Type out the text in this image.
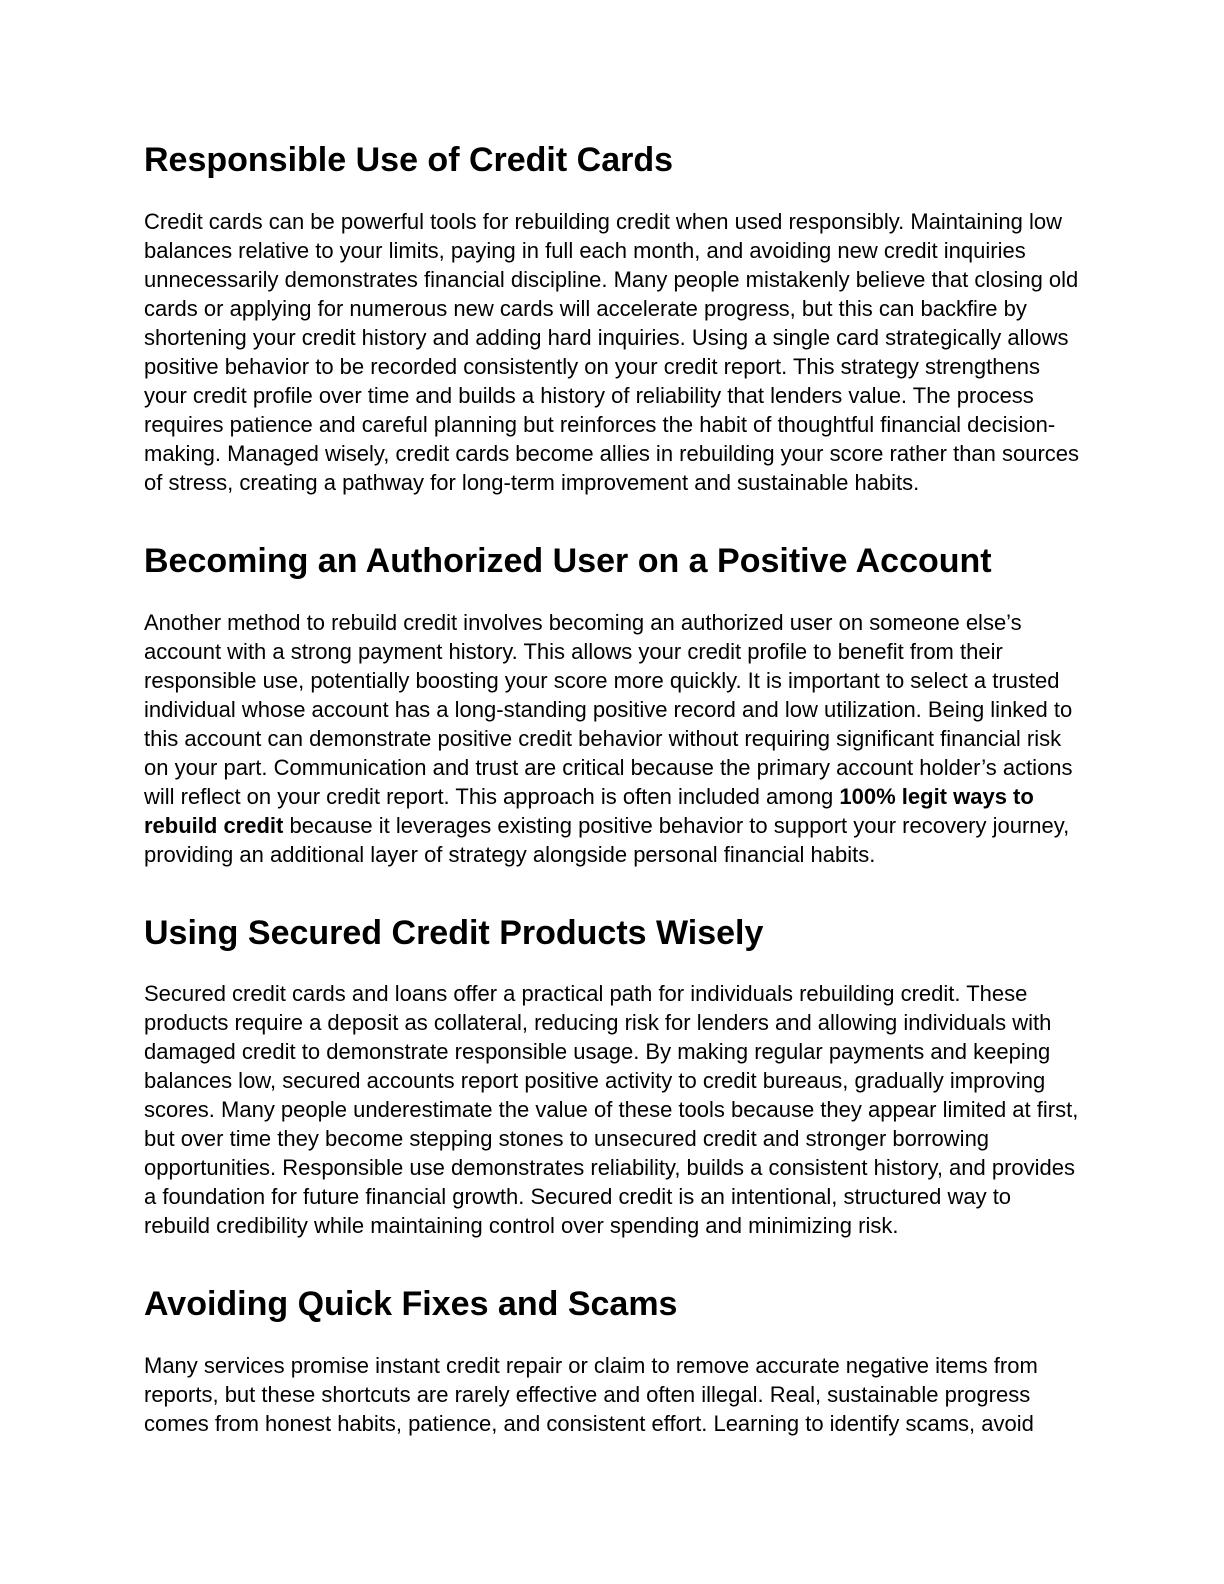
Responsible Use of Credit Cards

Credit cards can be powerful tools for rebuilding credit when used responsibly. Maintaining low balances relative to your limits, paying in full each month, and avoiding new credit inquiries unnecessarily demonstrates financial discipline. Many people mistakenly believe that closing old cards or applying for numerous new cards will accelerate progress, but this can backfire by shortening your credit history and adding hard inquiries. Using a single card strategically allows positive behavior to be recorded consistently on your credit report. This strategy strengthens your credit profile over time and builds a history of reliability that lenders value. The process requires patience and careful planning but reinforces the habit of thoughtful financial decision-making. Managed wisely, credit cards become allies in rebuilding your score rather than sources of stress, creating a pathway for long-term improvement and sustainable habits.

Becoming an Authorized User on a Positive Account

Another method to rebuild credit involves becoming an authorized user on someone else’s account with a strong payment history. This allows your credit profile to benefit from their responsible use, potentially boosting your score more quickly. It is important to select a trusted individual whose account has a long-standing positive record and low utilization. Being linked to this account can demonstrate positive credit behavior without requiring significant financial risk on your part. Communication and trust are critical because the primary account holder’s actions will reflect on your credit report. This approach is often included among 100% legit ways to rebuild credit because it leverages existing positive behavior to support your recovery journey, providing an additional layer of strategy alongside personal financial habits.

Using Secured Credit Products Wisely

Secured credit cards and loans offer a practical path for individuals rebuilding credit. These products require a deposit as collateral, reducing risk for lenders and allowing individuals with damaged credit to demonstrate responsible usage. By making regular payments and keeping balances low, secured accounts report positive activity to credit bureaus, gradually improving scores. Many people underestimate the value of these tools because they appear limited at first, but over time they become stepping stones to unsecured credit and stronger borrowing opportunities. Responsible use demonstrates reliability, builds a consistent history, and provides a foundation for future financial growth. Secured credit is an intentional, structured way to rebuild credibility while maintaining control over spending and minimizing risk.

Avoiding Quick Fixes and Scams

Many services promise instant credit repair or claim to remove accurate negative items from reports, but these shortcuts are rarely effective and often illegal. Real, sustainable progress comes from honest habits, patience, and consistent effort. Learning to identify scams, avoid
